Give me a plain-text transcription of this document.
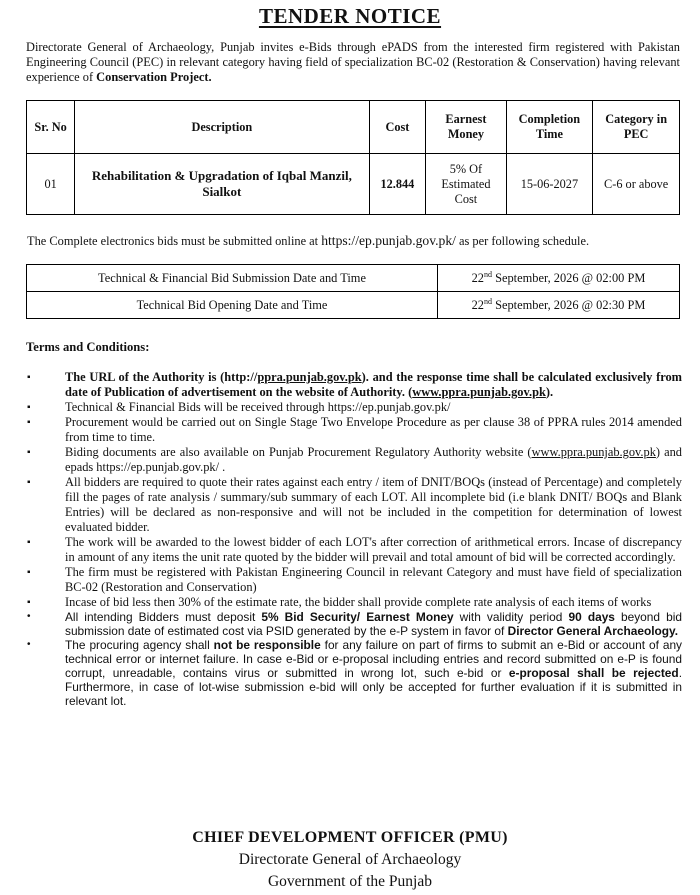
TENDER NOTICE
Directorate General of Archaeology, Punjab invites e-Bids through ePADS from the interested firm registered with Pakistan Engineering Council (PEC) in relevant category having field of specialization BC-02 (Restoration & Conservation) having relevant experience of Conservation Project.
Sr. No	Description	Cost	Earnest Money	Completion Time	Category in PEC
01	Rehabilitation & Upgradation of Iqbal Manzil, Sialkot	12.844	5% Of Estimated Cost	15-06-2027	C-6 or above
The Complete electronics bids must be submitted online at https://ep.punjab.gov.pk/ as per following schedule.
Technical & Financial Bid Submission Date and Time	22nd September, 2026 @ 02:00 PM
Technical Bid Opening Date and Time	22nd September, 2026 @ 02:30 PM
Terms and Conditions:
▪	The URL of the Authority is (http://ppra.punjab.gov.pk). and the response time shall be calculated exclusively from date of Publication of advertisement on the website of Authority. (www.ppra.punjab.gov.pk).
▪	Technical & Financial Bids will be received through https://ep.punjab.gov.pk/
▪	Procurement would be carried out on Single Stage Two Envelope Procedure as per clause 38 of PPRA rules 2014 amended from time to time.
▪	Biding documents are also available on Punjab Procurement Regulatory Authority website (www.ppra.punjab.gov.pk) and epads https://ep.punjab.gov.pk/ .
▪	All bidders are required to quote their rates against each entry / item of DNIT/BOQs (instead of Percentage) and completely fill the pages of rate analysis / summary/sub summary of each LOT. All incomplete bid (i.e blank DNIT/ BOQs and Blank Entries) will be declared as non-responsive and will not be included in the competition for determination of lowest evaluated bidder.
▪	The work will be awarded to the lowest bidder of each LOT's after correction of arithmetical errors. Incase of discrepancy in amount of any items the unit rate quoted by the bidder will prevail and total amount of bid will be corrected accordingly.
▪	The firm must be registered with Pakistan Engineering Council in relevant Category and must have field of specialization BC-02 (Restoration and Conservation)
▪	Incase of bid less then 30% of the estimate rate, the bidder shall provide complete rate analysis of each items of works
•	All intending Bidders must deposit 5% Bid Security/ Earnest Money with validity period 90 days beyond bid submission date of estimated cost via PSID generated by the e-P system in favor of Director General Archaeology.
•	The procuring agency shall not be responsible for any failure on part of firms to submit an e-Bid or account of any technical error or internet failure. In case e-Bid or e-proposal including entries and record submitted on e-P is found corrupt, unreadable, contains virus or submitted in wrong lot, such e-bid or e-proposal shall be rejected. Furthermore, in case of lot-wise submission e-bid will only be accepted for further evaluation if it is submitted in relevant lot.
CHIEF DEVELOPMENT OFFICER (PMU)
Directorate General of Archaeology
Government of the Punjab
